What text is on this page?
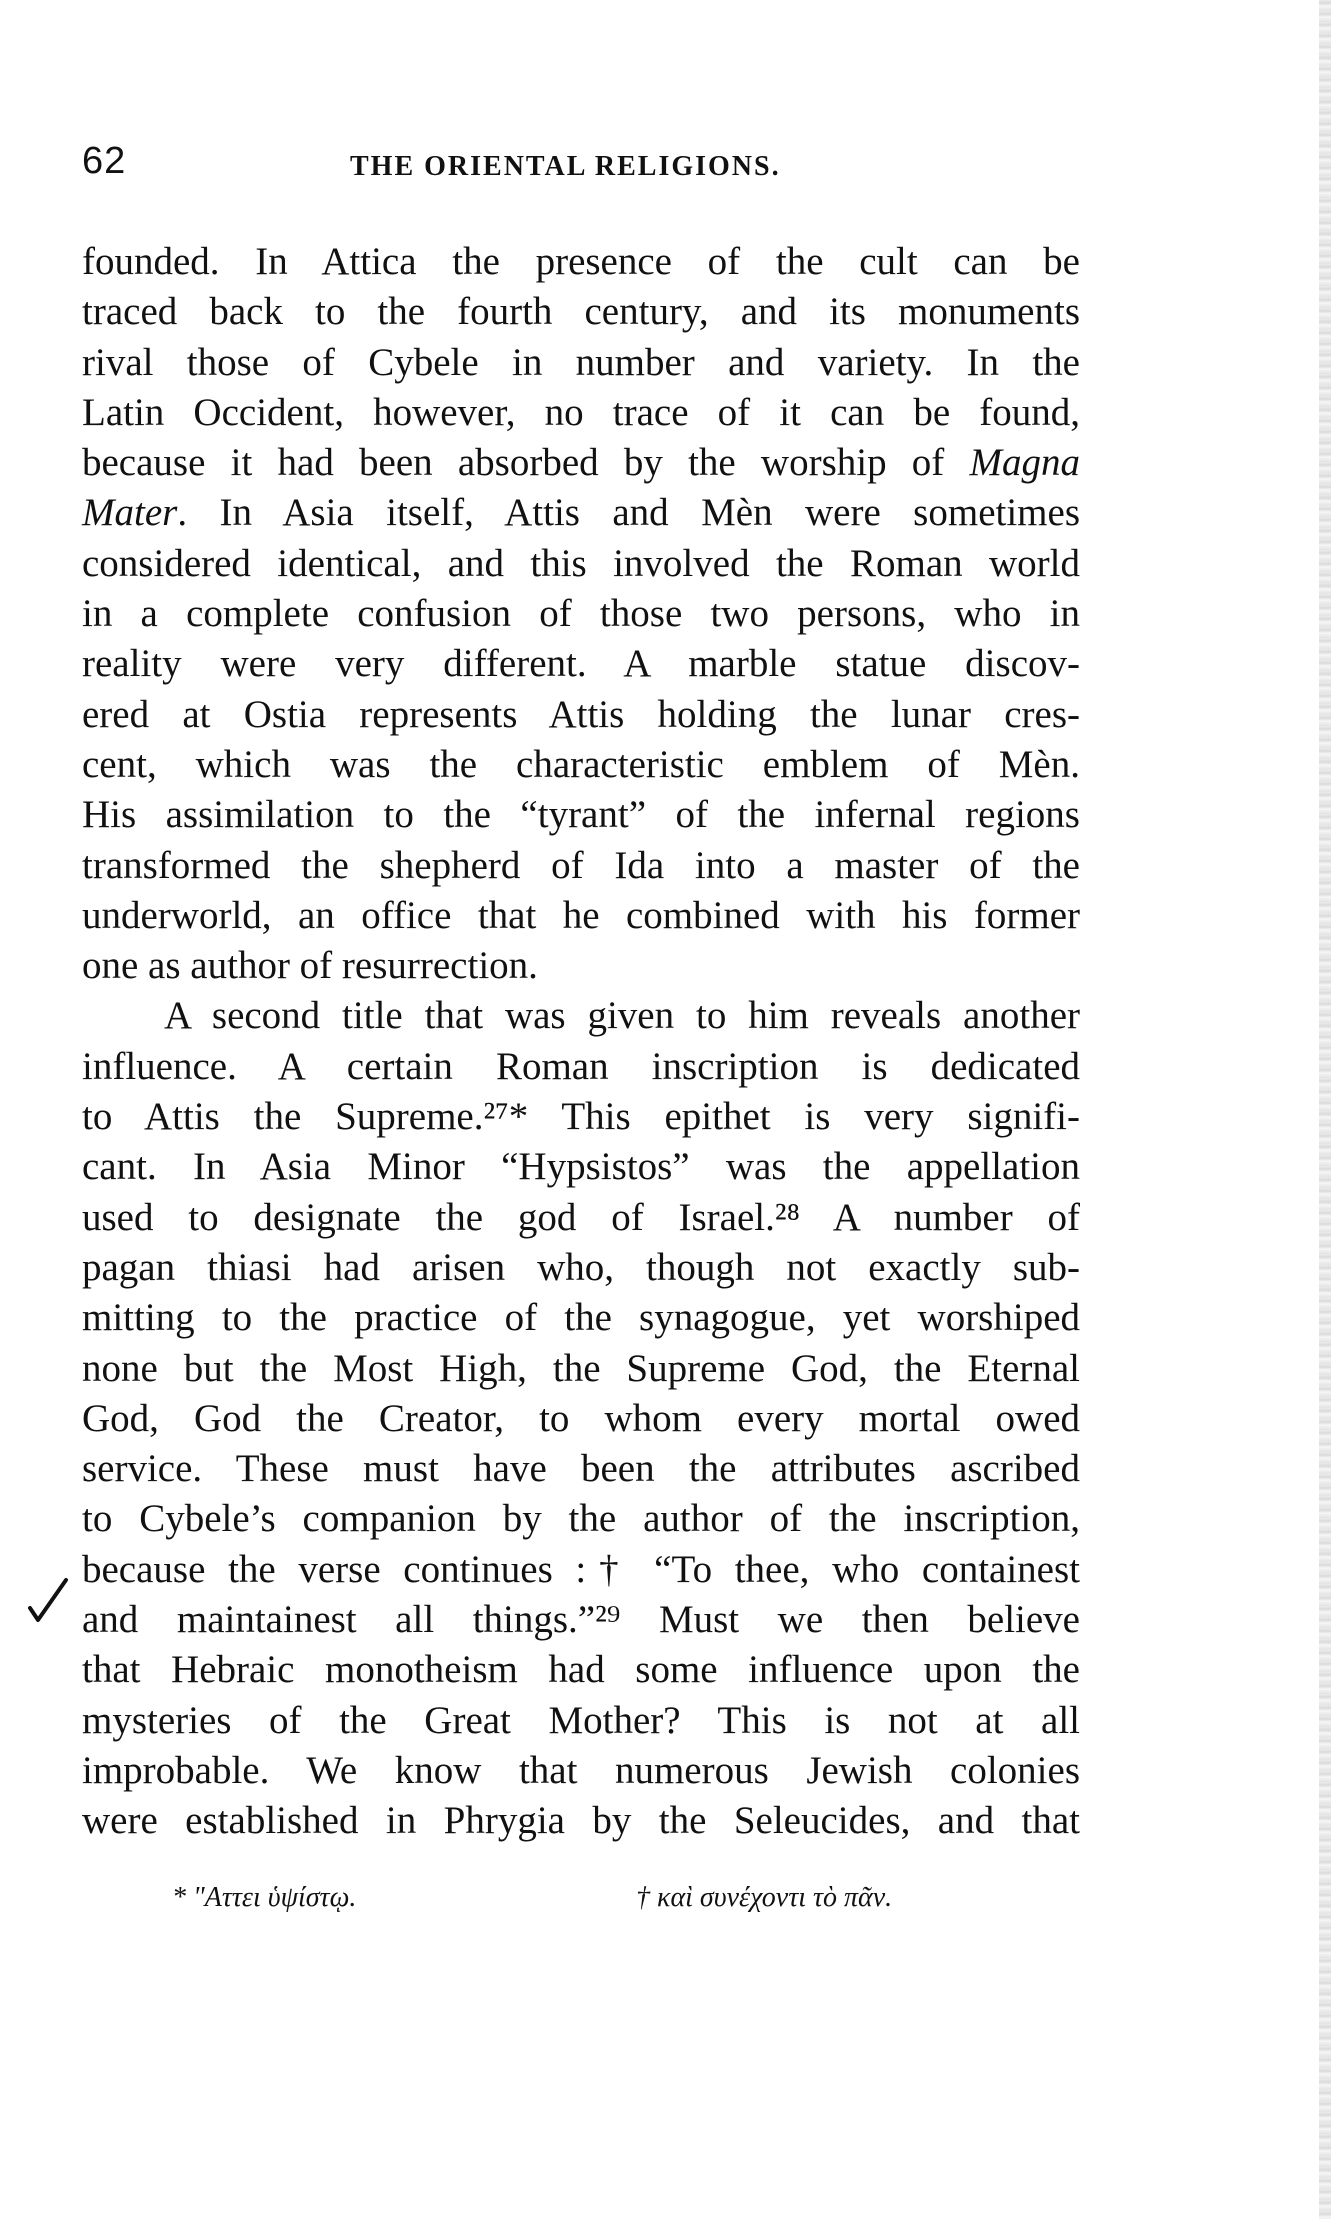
62	THE ORIENTAL RELIGIONS.
founded. In Attica the presence of the cult can be
traced back to the fourth century, and its monuments
rival those of Cybele in number and variety. In the
Latin Occident, however, no trace of it can be found,
because it had been absorbed by the worship of Magna
Mater. In Asia itself, Attis and Mèn were sometimes
considered identical, and this involved the Roman world
in a complete confusion of those two persons, who in
reality were very different. A marble statue discov-
ered at Ostia represents Attis holding the lunar cres-
cent, which was the characteristic emblem of Mèn.
His assimilation to the “tyrant” of the infernal regions
transformed the shepherd of Ida into a master of the
underworld, an office that he combined with his former
one as author of resurrection.
A second title that was given to him reveals another
influence. A certain Roman inscription is dedicated
to Attis the Supreme.²⁷* This epithet is very signifi-
cant. In Asia Minor “Hypsistos” was the appellation
used to designate the god of Israel.²⁸ A number of
pagan thiasi had arisen who, though not exactly sub-
mitting to the practice of the synagogue, yet worshiped
none but the Most High, the Supreme God, the Eternal
God, God the Creator, to whom every mortal owed
service. These must have been the attributes ascribed
to Cybele’s companion by the author of the inscription,
because the verse continues :† “To thee, who containest
and maintainest all things.”²⁹ Must we then believe
that Hebraic monotheism had some influence upon the
mysteries of the Great Mother? This is not at all
improbable. We know that numerous Jewish colonies
were established in Phrygia by the Seleucides, and that
* "Αττει ὑψίστῳ.	† καὶ συνέχοντι τὸ πᾶν.
